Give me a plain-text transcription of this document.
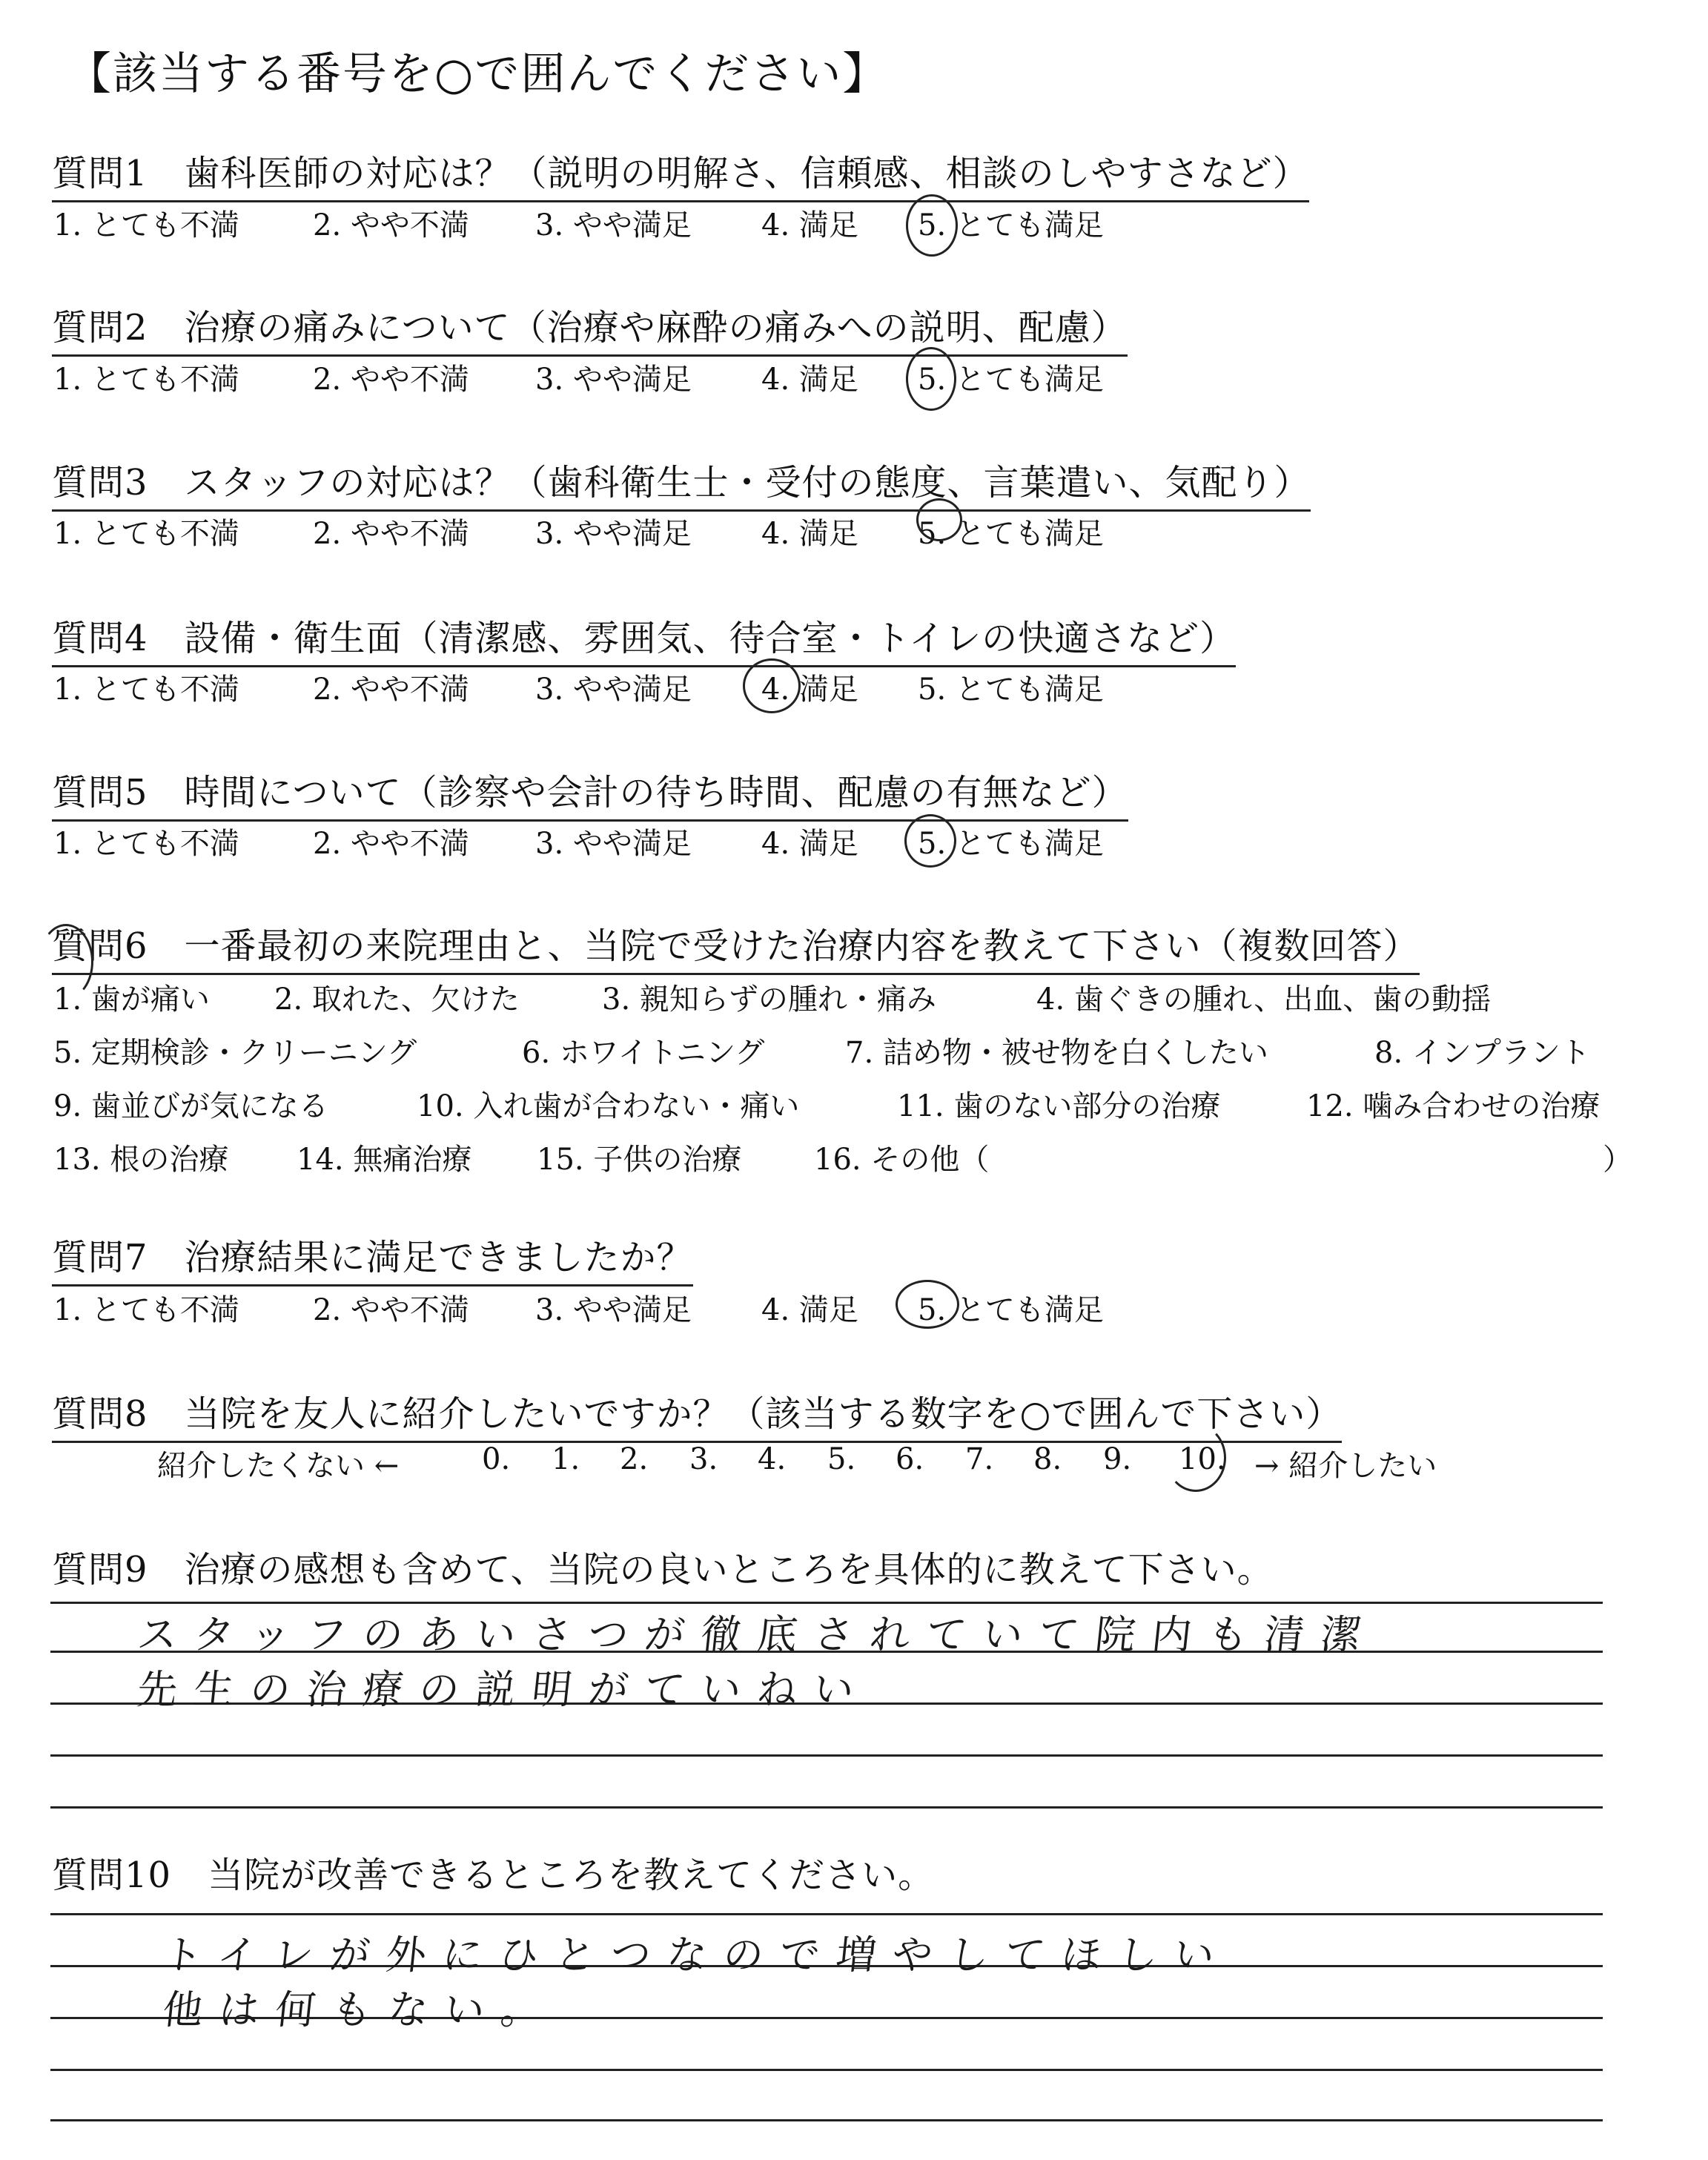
【該当する番号を○で囲んでください】
質問1　歯科医師の対応は？（説明の明解さ、信頼感、相談のしやすさなど）
1. とても不満 2. やや不満 3. やや満足 4. 満足 5. とても満足
質問2　治療の痛みについて（治療や麻酔の痛みへの説明、配慮）
1. とても不満 2. やや不満 3. やや満足 4. 満足 5. とても満足
質問3　スタッフの対応は？（歯科衛生士・受付の態度、言葉遣い、気配り）
1. とても不満 2. やや不満 3. やや満足 4. 満足 5. とても満足
質問4　設備・衛生面（清潔感、雰囲気、待合室・トイレの快適さなど）
1. とても不満 2. やや不満 3. やや満足 4. 満足 5. とても満足
質問5　時間について（診察や会計の待ち時間、配慮の有無など）
1. とても不満 2. やや不満 3. やや満足 4. 満足 5. とても満足
質問6　一番最初の来院理由と、当院で受けた治療内容を教えて下さい（複数回答）
1. 歯が痛い 2. 取れた、欠けた	3. 親知らずの腫れ・痛み	4. 歯ぐきの腫れ、出血、歯の動揺
5. 定期検診・クリーニング	6. ホワイトニング	7. 詰め物・被せ物を白くしたい	8. インプラント
9. 歯並びが気になる	10. 入れ歯が合わない・痛い	11. 歯のない部分の治療	12. 噛み合わせの治療
13. 根の治療 14. 無痛治療 15. 子供の治療 16. その他（	）
質問7　治療結果に満足できましたか？
1. とても不満 2. やや不満 3. やや満足 4. 満足 5. とても満足
質問8　当院を友人に紹介したいですか？（該当する数字を○で囲んで下さい）
紹介したくない ←	0. 1. 2. 3. 4. 5. 6. 7. 8. 9. 10. → 紹介したい
質問9　治療の感想も含めて、当院の良いところを具体的に教えて下さい。
スタッフのあいさつが徹底されていて院内も清潔
先生の治療の説明がていねい
質問10　当院が改善できるところを教えてください。
トイレが外にひとつなので増やしてほしい
他は何もない。
